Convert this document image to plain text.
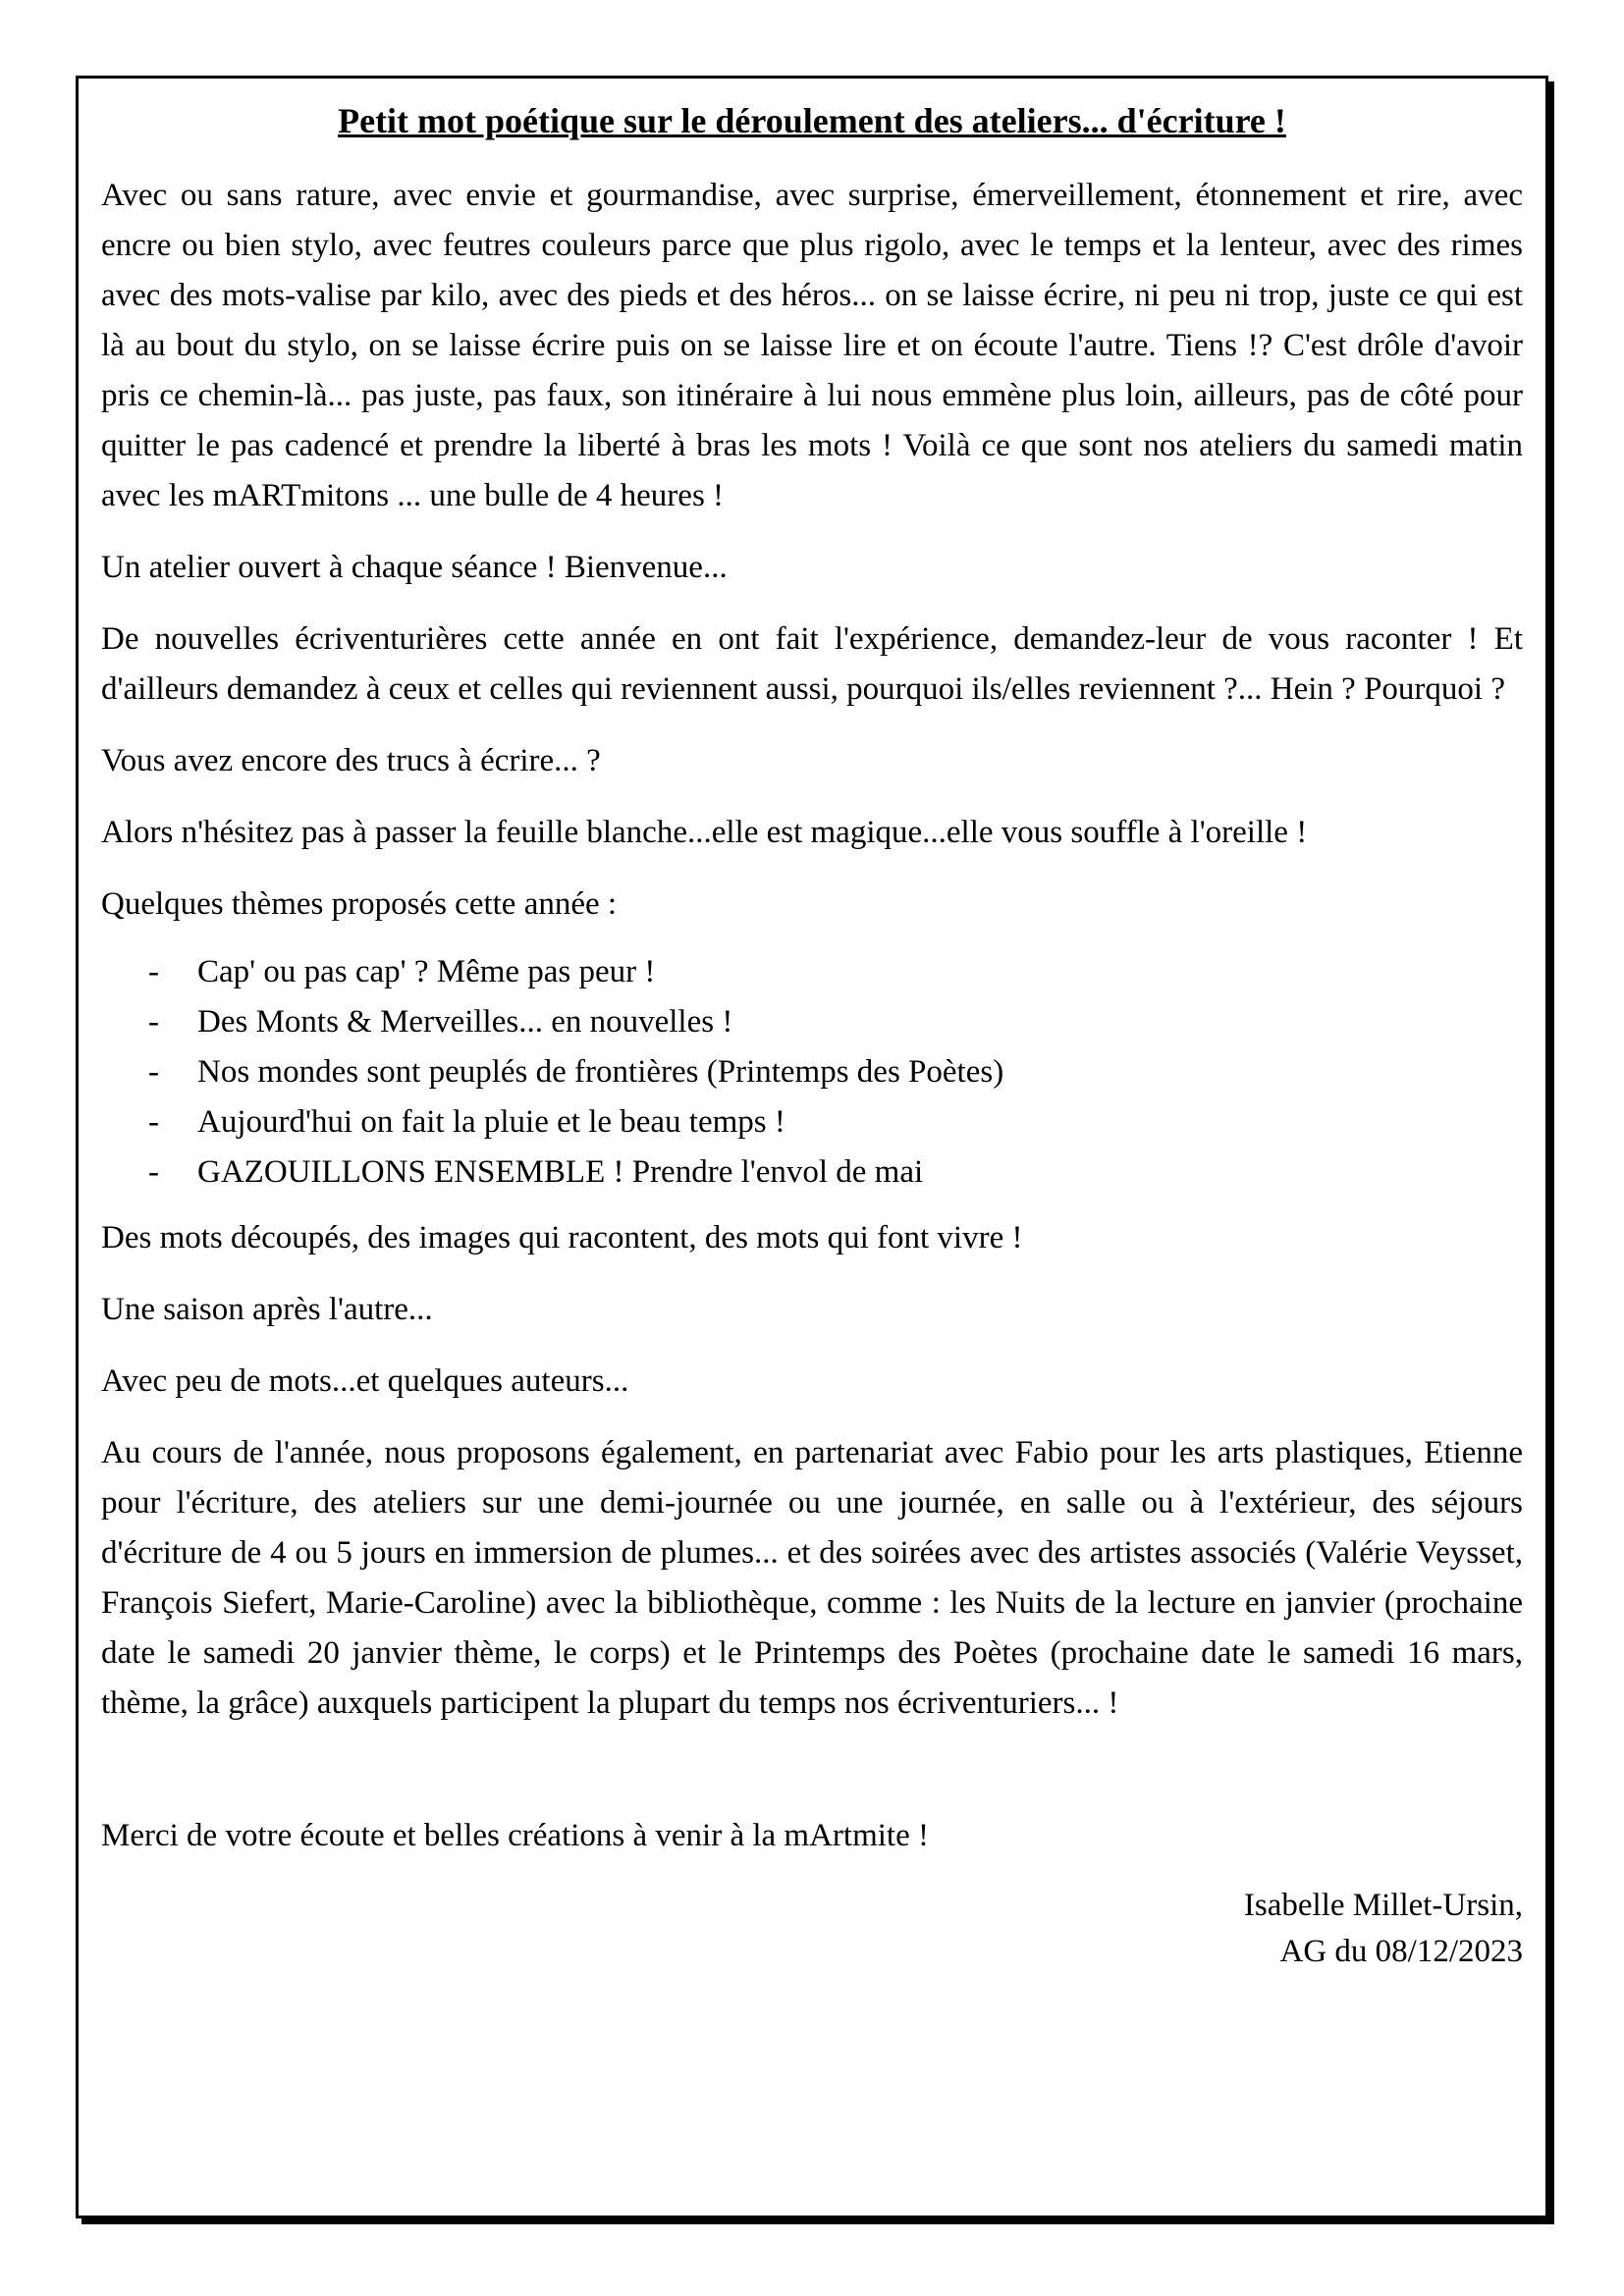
Petit mot poétique sur le déroulement des ateliers... d'écriture !

Avec ou sans rature, avec envie et gourmandise, avec surprise, émerveillement, étonnement et rire, avec encre ou bien stylo, avec feutres couleurs parce que plus rigolo, avec le temps et la lenteur, avec des rimes avec des mots-valise par kilo, avec des pieds et des héros... on se laisse écrire, ni peu ni trop, juste ce qui est là au bout du stylo, on se laisse écrire puis on se laisse lire et on écoute l'autre. Tiens !? C'est drôle d'avoir pris ce chemin-là... pas juste, pas faux, son itinéraire à lui nous emmène plus loin, ailleurs, pas de côté pour quitter le pas cadencé et prendre la liberté à bras les mots ! Voilà ce que sont nos ateliers du samedi matin avec les mARTmitons ... une bulle de 4 heures !

Un atelier ouvert à chaque séance ! Bienvenue...

De nouvelles écriventurières cette année en ont fait l'expérience, demandez-leur de vous raconter ! Et d'ailleurs demandez à ceux et celles qui reviennent aussi, pourquoi ils/elles reviennent ?... Hein ? Pourquoi ?

Vous avez encore des trucs à écrire... ?

Alors n'hésitez pas à passer la feuille blanche...elle est magique...elle vous souffle à l'oreille !

Quelques thèmes proposés cette année :

- Cap' ou pas cap' ? Même pas peur !
- Des Monts & Merveilles... en nouvelles !
- Nos mondes sont peuplés de frontières (Printemps des Poètes)
- Aujourd'hui on fait la pluie et le beau temps !
- GAZOUILLONS ENSEMBLE ! Prendre l'envol de mai

Des mots découpés, des images qui racontent, des mots qui font vivre !

Une saison après l'autre...

Avec peu de mots...et quelques auteurs...

Au cours de l'année, nous proposons également, en partenariat avec Fabio pour les arts plastiques, Etienne pour l'écriture, des ateliers sur une demi-journée ou une journée, en salle ou à l'extérieur, des séjours d'écriture de 4 ou 5 jours en immersion de plumes... et des soirées avec des artistes associés (Valérie Veysset, François Siefert, Marie-Caroline) avec la bibliothèque, comme : les Nuits de la lecture en janvier (prochaine date le samedi 20 janvier thème, le corps) et le Printemps des Poètes (prochaine date le samedi 16 mars, thème, la grâce) auxquels participent la plupart du temps nos écriventuriers... !

Merci de votre écoute et belles créations à venir à la mArtmite !

Isabelle Millet-Ursin,
AG du 08/12/2023
